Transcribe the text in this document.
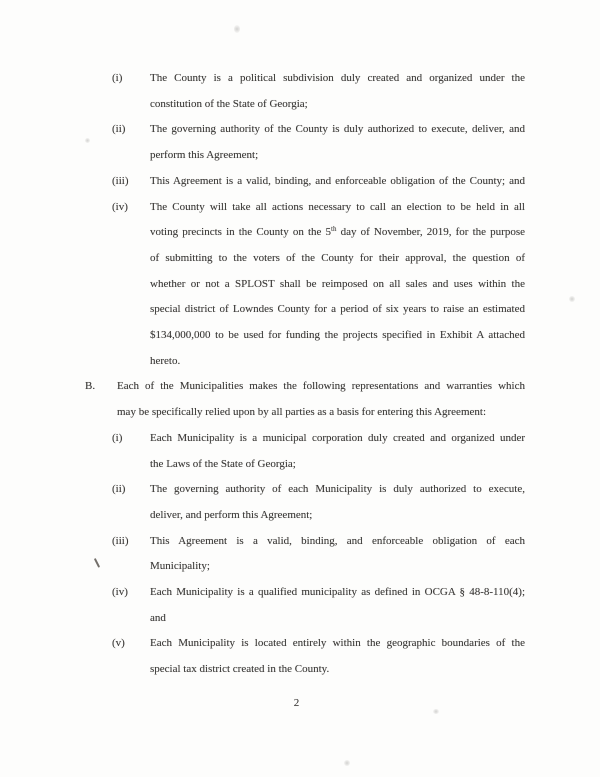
(i)	The County is a political subdivision duly created and organized under the
constitution of the State of Georgia;
(ii)	The governing authority of the County is duly authorized to execute, deliver, and
perform this Agreement;
(iii)	This Agreement is a valid, binding, and enforceable obligation of the County; and
(iv)	The County will take all actions necessary to call an election to be held in all
voting precincts in the County on the 5th day of November, 2019, for the purpose
of submitting to the voters of the County for their approval, the question of
whether or not a SPLOST shall be reimposed on all sales and uses within the
special district of Lowndes County for a period of six years to raise an estimated
$134,000,000 to be used for funding the projects specified in Exhibit A attached
hereto.
B.	Each of the Municipalities makes the following representations and warranties which
may be specifically relied upon by all parties as a basis for entering this Agreement:
(i)	Each Municipality is a municipal corporation duly created and organized under
the Laws of the State of Georgia;
(ii)	The governing authority of each Municipality is duly authorized to execute,
deliver, and perform this Agreement;
(iii)	This Agreement is a valid, binding, and enforceable obligation of each
Municipality;
(iv)	Each Municipality is a qualified municipality as defined in OCGA § 48-8-110(4);
and
(v)	Each Municipality is located entirely within the geographic boundaries of the
special tax district created in the County.
2
